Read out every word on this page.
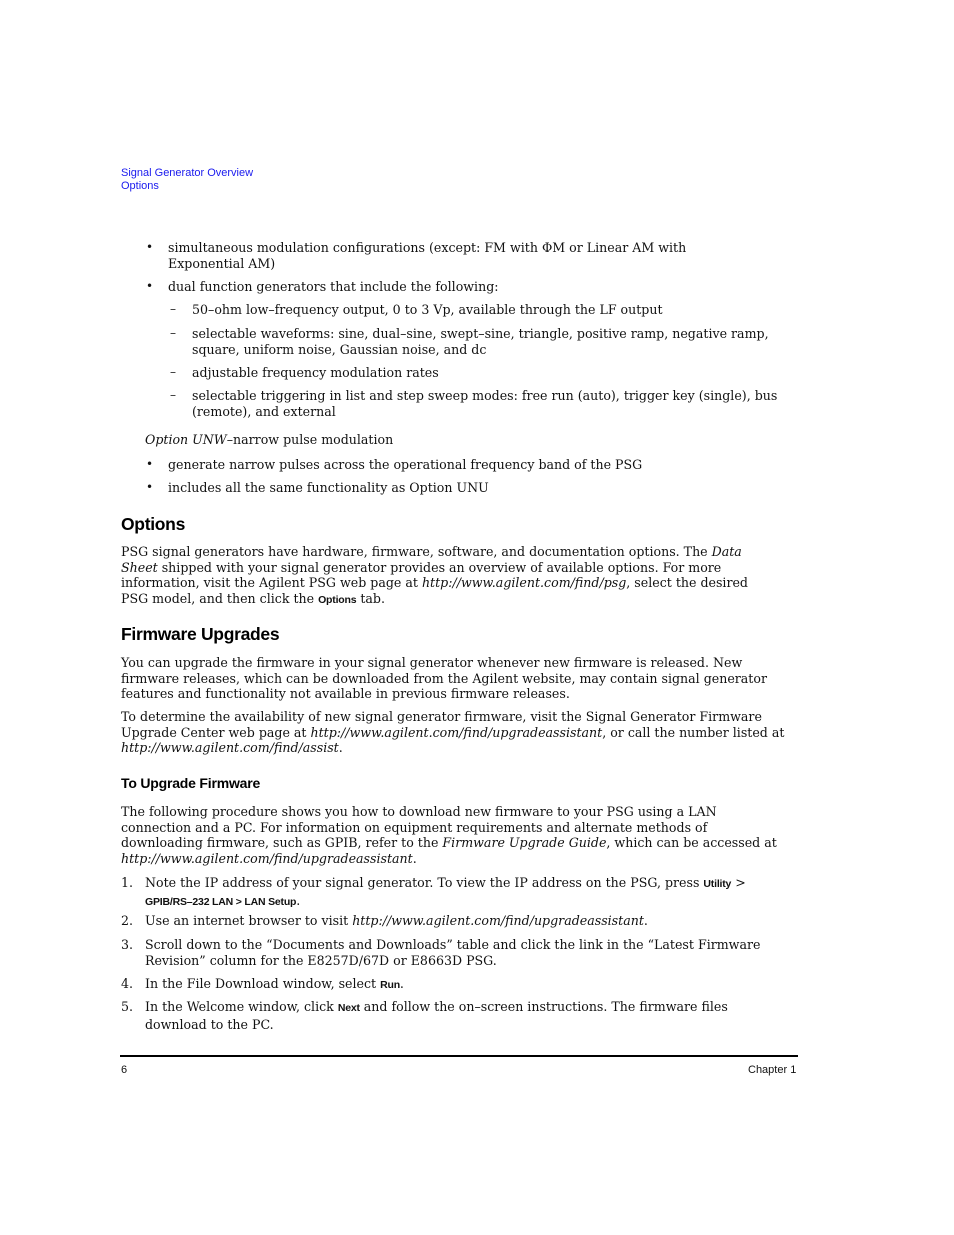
Signal Generator Overview
Options
• simultaneous modulation configurations (except: FM with ΦM or Linear AM with Exponential AM)
• dual function generators that include the following:
– 50–ohm low–frequency output, 0 to 3 Vp, available through the LF output
– selectable waveforms: sine, dual–sine, swept–sine, triangle, positive ramp, negative ramp, square, uniform noise, Gaussian noise, and dc
– adjustable frequency modulation rates
– selectable triggering in list and step sweep modes: free run (auto), trigger key (single), bus (remote), and external
Option UNW–narrow pulse modulation
• generate narrow pulses across the operational frequency band of the PSG
• includes all the same functionality as Option UNU
Options

PSG signal generators have hardware, firmware, software, and documentation options. The Data Sheet shipped with your signal generator provides an overview of available options. For more information, visit the Agilent PSG web page at http://www.agilent.com/find/psg, select the desired PSG model, and then click the Options tab.

Firmware Upgrades

You can upgrade the firmware in your signal generator whenever new firmware is released. New firmware releases, which can be downloaded from the Agilent website, may contain signal generator features and functionality not available in previous firmware releases.

To determine the availability of new signal generator firmware, visit the Signal Generator Firmware Upgrade Center web page at http://www.agilent.com/find/upgradeassistant, or call the number listed at http://www.agilent.com/find/assist.

To Upgrade Firmware

The following procedure shows you how to download new firmware to your PSG using a LAN connection and a PC. For information on equipment requirements and alternate methods of downloading firmware, such as GPIB, refer to the Firmware Upgrade Guide, which can be accessed at http://www.agilent.com/find/upgradeassistant.

1. Note the IP address of your signal generator. To view the IP address on the PSG, press Utility > GPIB/RS–232 LAN > LAN Setup.
2. Use an internet browser to visit http://www.agilent.com/find/upgradeassistant.
3. Scroll down to the “Documents and Downloads” table and click the link in the “Latest Firmware Revision” column for the E8257D/67D or E8663D PSG.
4. In the File Download window, select Run.
5. In the Welcome window, click Next and follow the on–screen instructions. The firmware files download to the PC.
6	Chapter 1
